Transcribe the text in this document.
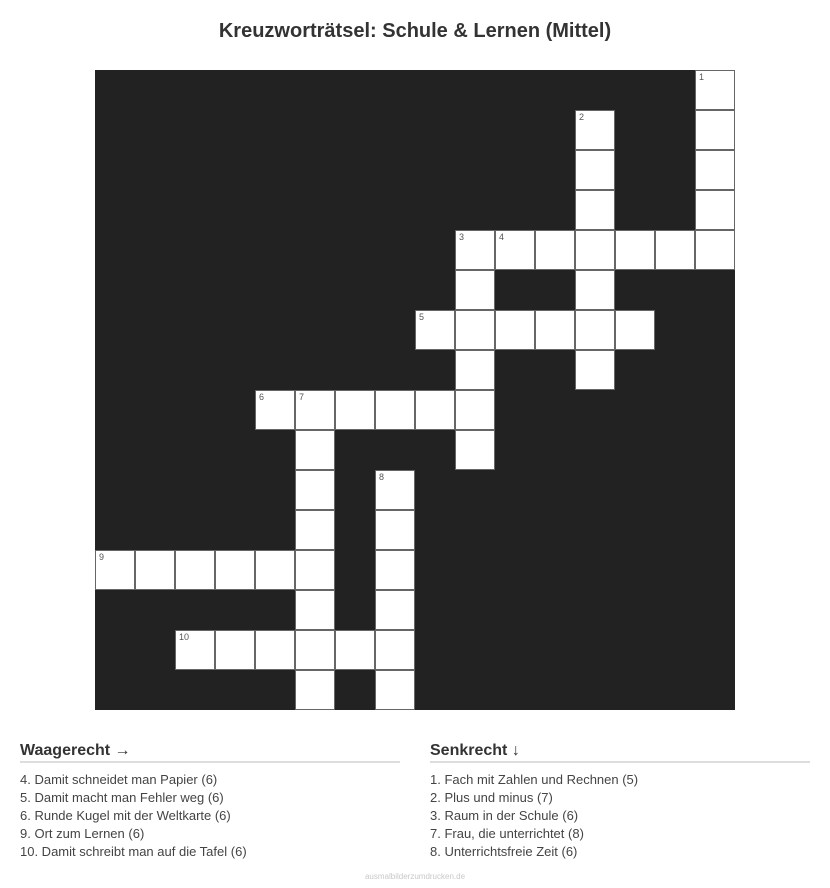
Kreuzworträtsel: Schule & Lernen (Mittel)
1
2
3	4
5
6	7
8
9
10
Waagerecht →
4. Damit schneidet man Papier (6)
5. Damit macht man Fehler weg (6)
6. Runde Kugel mit der Weltkarte (6)
9. Ort zum Lernen (6)
10. Damit schreibt man auf die Tafel (6)
Senkrecht ↓
1. Fach mit Zahlen und Rechnen (5)
2. Plus und minus (7)
3. Raum in der Schule (6)
7. Frau, die unterrichtet (8)
8. Unterrichtsfreie Zeit (6)
ausmalbilderzumdrucken.de
